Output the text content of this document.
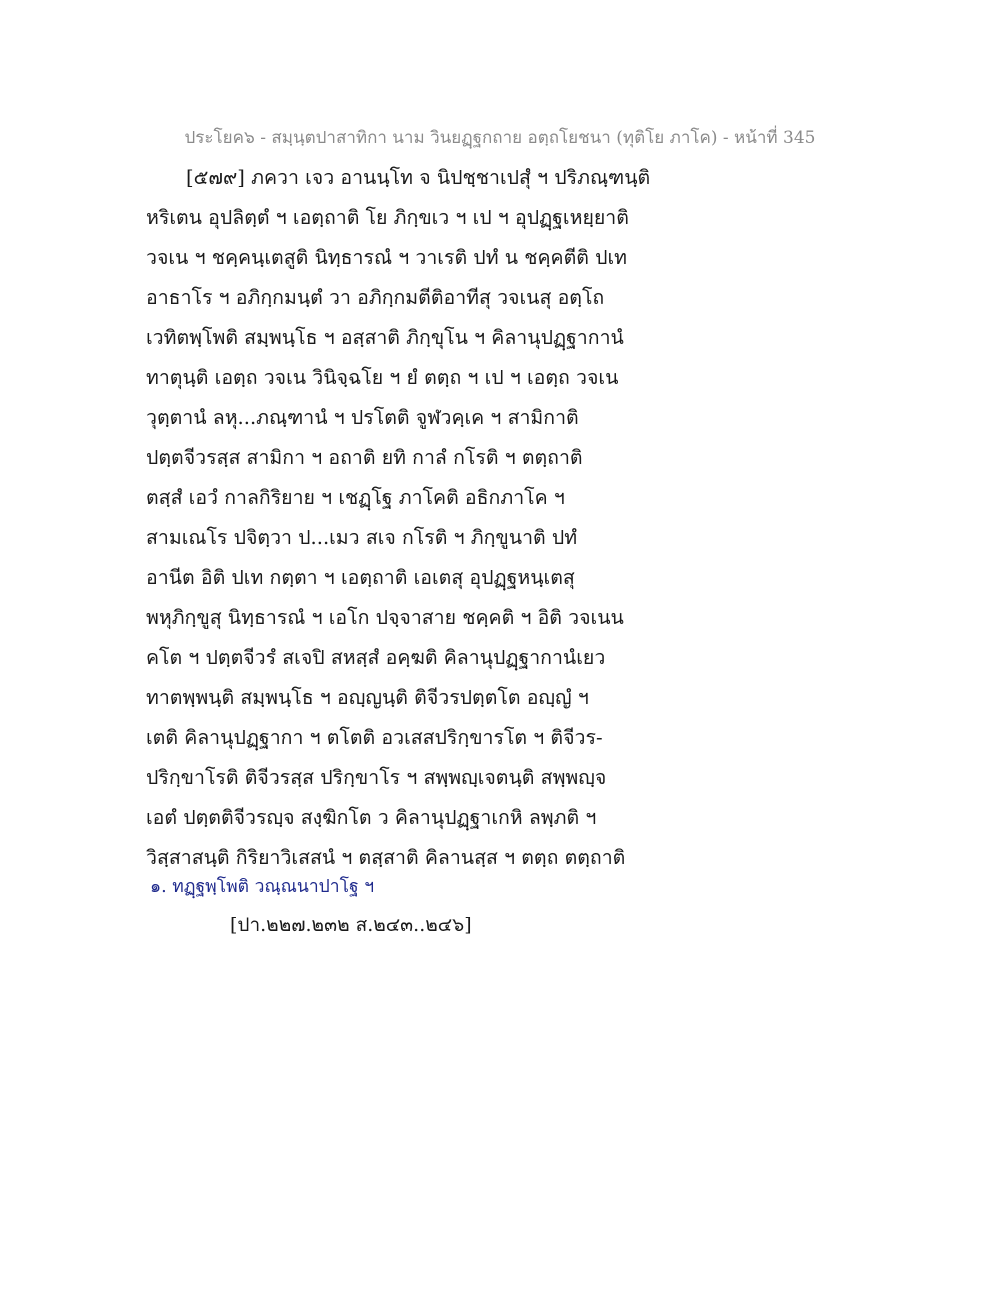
ประโยค๖ - สมฺนฺตปาสาทิกา นาม วินยฏฺฐกถาย อตฺถโยชนา (ทุติโย ภาโค) - หน้าที่ 345
[๕๗๙] ภควา เจว อานนฺโท จ นิปชฺชาเปสุํ ฯ ปริภณฺฑนฺติ
หริเตน อุปลิตฺตํ ฯ เอตฺถาติ โย ภิกฺขเว ฯ เป ฯ อุปฏฺฐเหยฺยาติ
วจเน ฯ ชคฺคนฺเตสูติ นิทฺธารณํ ฯ วาเรติ ปทํ น ชคฺคตีติ ปเท
อาธาโร ฯ อภิกฺกมนฺตํ วา อภิกฺกมตีติอาทีสุ วจเนสุ อตฺโถ
เวทิตพฺโพติ สมฺพนฺโธ ฯ อสฺสาติ ภิกฺขุโน ฯ คิลานุปฏฺฐากานํ
ทาตุนฺติ เอตฺถ วจเน วินิจฺฉโย ฯ ยํ ตตฺถ ฯ เป ฯ เอตฺถ วจเน
วุตฺตานํ ลหุ...ภณฺฑานํ ฯ ปรโตติ จูฬวคฺเค ฯ สามิกาติ
ปตฺตจีวรสฺส สามิกา ฯ อถาติ ยทิ กาลํ กโรติ ฯ ตตฺถาติ
ตสฺสํ เอวํ กาลกิริยาย ฯ เชฏฺโฐ ภาโคติ อธิกภาโค ฯ
สามเณโร ปจิตฺวา ป...เมว สเจ กโรติ ฯ ภิกฺขูนาติ ปทํ
อานีต อิติ ปเท กตฺตา ฯ เอตฺถาติ เอเตสุ อุปฏฺฐหนฺเตสุ
พหุภิกฺขูสุ นิทฺธารณํ ฯ เอโก ปจฺจาสาย ชคฺคติ ฯ อิติ วจเนน
คโต ฯ ปตฺตจีวรํ สเจปิ สหสฺสํ อคฺฆติ คิลานุปฏฺฐากานํเยว
ทาตพฺพนฺติ สมฺพนฺโธ ฯ อญฺญนฺติ ติจีวรปตฺตโต อญฺญํ ฯ
เตติ คิลานุปฏฺฐากา ฯ ตโตติ อวเสสปริกฺขารโต ฯ ติจีวร-
ปริกฺขาโรติ ติจีวรสฺส ปริกฺขาโร ฯ สพฺพญฺเจตนฺติ สพฺพญฺจ
เอตํ ปตฺตติจีวรญฺจ สงฺฆิกโต ว คิลานุปฏฺฐาเกหิ ลพฺภติ ฯ
วิสฺสาสนฺติ กิริยาวิเสสนํ ฯ ตสฺสาติ คิลานสฺส ฯ ตตฺถ ตตฺถาติ
๑. ทฏฺฐพฺโพติ วณฺณนาปาโฐ ฯ
[ปา.๒๒๗.๒๓๒ ส.๒๔๓..๒๔๖]
